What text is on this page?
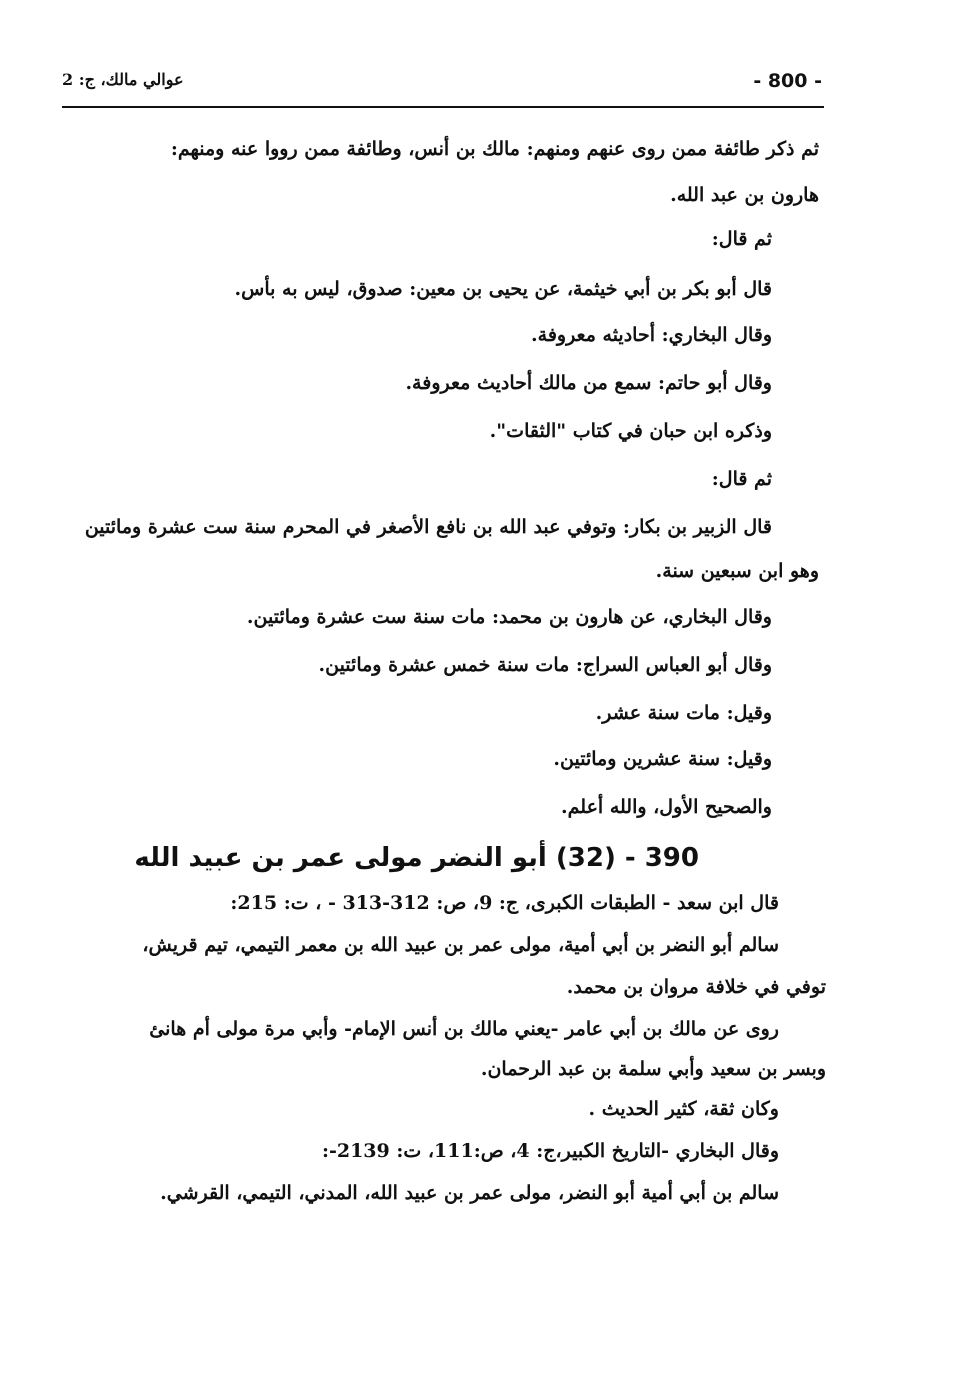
- 800 -
عوالي مالك، ج: 2
ثم ذكر طائفة ممن روى عنهم ومنهم: مالك بن أنس، وطائفة ممن رووا عنه ومنهم:
هارون بن عبد الله.
ثم قال:
قال أبو بكر بن أبي خيثمة، عن يحيى بن معين: صدوق، ليس به بأس.
وقال البخاري: أحاديثه معروفة.
وقال أبو حاتم: سمع من مالك أحاديث معروفة.
وذكره ابن حبان في كتاب "الثقات".
ثم قال:
قال الزبير بن بكار: وتوفي عبد الله بن نافع الأصغر في المحرم سنة ست عشرة ومائتين
وهو ابن سبعين سنة.
وقال البخاري، عن هارون بن محمد: مات سنة ست عشرة ومائتين.
وقال أبو العباس السراج: مات سنة خمس عشرة ومائتين.
وقيل: مات سنة عشر.
وقيل: سنة عشرين ومائتين.
والصحيح الأول، والله أعلم.
390 - (32) أبو النضر مولى عمر بن عبيد الله
قال ابن سعد - الطبقات الكبرى، ج: 9، ص: 312-313 - ، ت: 215:
سالم أبو النضر بن أبي أمية، مولى عمر بن عبيد الله بن معمر التيمي، تيم قريش،
توفي في خلافة مروان بن محمد.
روى عن مالك بن أبي عامر -يعني مالك بن أنس الإمام- وأبي مرة مولى أم هانئ
وبسر بن سعيد وأبي سلمة بن عبد الرحمان.
وكان ثقة، كثير الحديث .
وقال البخاري -التاريخ الكبير،ج: 4، ص:111، ت: 2139-:
سالم بن أبي أمية أبو النضر، مولى عمر بن عبيد الله، المدني، التيمي، القرشي.
